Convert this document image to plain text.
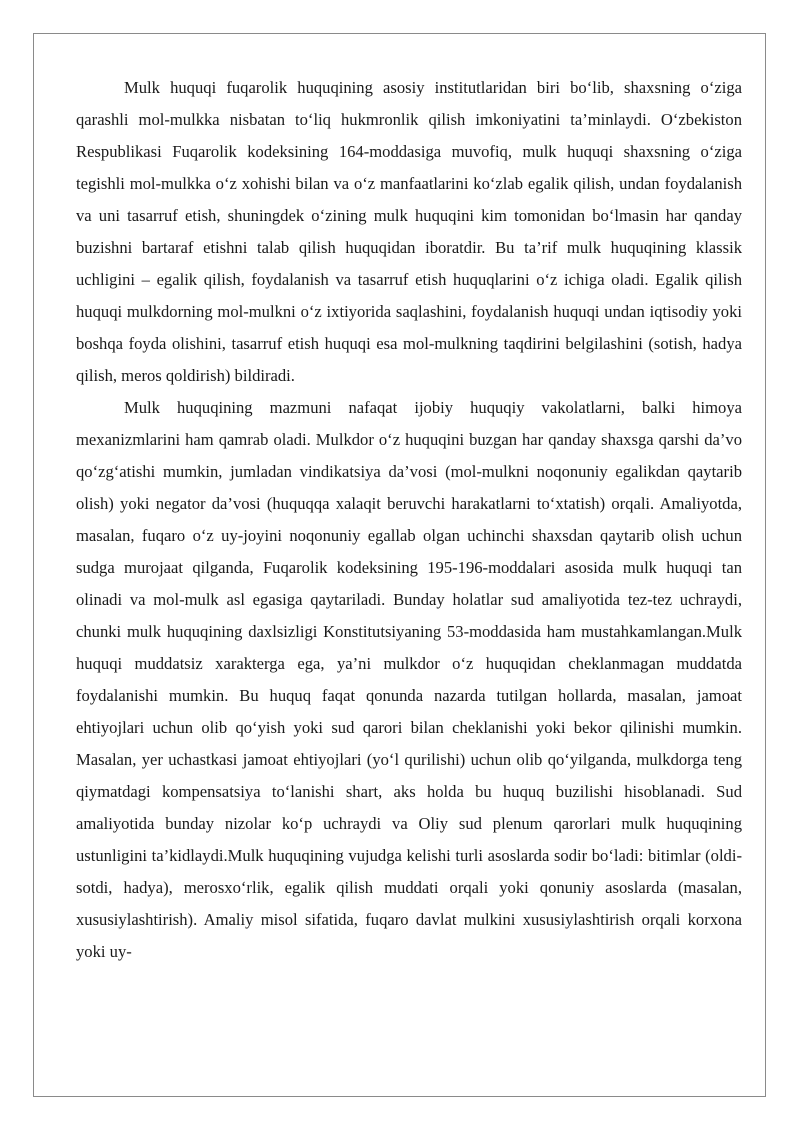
Mulk huquqi fuqarolik huquqining asosiy institutlaridan biri bo‘lib, shaxsning o‘ziga qarashli mol-mulkka nisbatan to‘liq hukmronlik qilish imkoniyatini ta’minlaydi. O‘zbekiston Respublikasi Fuqarolik kodeksining 164-moddasiga muvofiq, mulk huquqi shaxsning o‘ziga tegishli mol-mulkka o‘z xohishi bilan va o‘z manfaatlarini ko‘zlab egalik qilish, undan foydalanish va uni tasarruf etish, shuningdek o‘zining mulk huquqini kim tomonidan bo‘lmasin har qanday buzishni bartaraf etishni talab qilish huquqidan iboratdir. Bu ta’rif mulk huquqining klassik uchligini – egalik qilish, foydalanish va tasarruf etish huquqlarini o‘z ichiga oladi. Egalik qilish huquqi mulkdorning mol-mulkni o‘z ixtiyorida saqlashini, foydalanish huquqi undan iqtisodiy yoki boshqa foyda olishini, tasarruf etish huquqi esa mol-mulkning taqdirini belgilashini (sotish, hadya qilish, meros qoldirish) bildiradi.

Mulk huquqining mazmuni nafaqat ijobiy huquqiy vakolatlarni, balki himoya mexanizmlarini ham qamrab oladi. Mulkdor o‘z huquqini buzgan har qanday shaxsga qarshi da’vo qo‘zg‘atishi mumkin, jumladan vindikatsiya da’vosi (mol-mulkni noqonuniy egalikdan qaytarib olish) yoki negator da’vosi (huquqqa xalaqit beruvchi harakatlarni to‘xtatish) orqali. Amaliyotda, masalan, fuqaro o‘z uy-joyini noqonuniy egallab olgan uchinchi shaxsdan qaytarib olish uchun sudga murojaat qilganda, Fuqarolik kodeksining 195-196-moddalari asosida mulk huquqi tan olinadi va mol-mulk asl egasiga qaytariladi. Bunday holatlar sud amaliyotida tez-tez uchraydi, chunki mulk huquqining daxlsizligi Konstitutsiyaning 53-moddasida ham mustahkamlangan.Mulk huquqi muddatsiz xarakterga ega, ya’ni mulkdor o‘z huquqidan cheklanmagan muddatda foydalanishi mumkin. Bu huquq faqat qonunda nazarda tutilgan hollarda, masalan, jamoat ehtiyojlari uchun olib qo‘yish yoki sud qarori bilan cheklanishi yoki bekor qilinishi mumkin. Masalan, yer uchastkasi jamoat ehtiyojlari (yo‘l qurilishi) uchun olib qo‘yilganda, mulkdorga teng qiymatdagi kompensatsiya to‘lanishi shart, aks holda bu huquq buzilishi hisoblanadi. Sud amaliyotida bunday nizolar ko‘p uchraydi va Oliy sud plenum qarorlari mulk huquqining ustunligini ta’kidlaydi.Mulk huquqining vujudga kelishi turli asoslarda sodir bo‘ladi: bitimlar (oldi-sotdi, hadya), merosxo‘rlik, egalik qilish muddati orqali yoki qonuniy asoslarda (masalan, xususiylashtirish). Amaliy misol sifatida, fuqaro davlat mulkini xususiylashtirish orqali korxona yoki uy-
